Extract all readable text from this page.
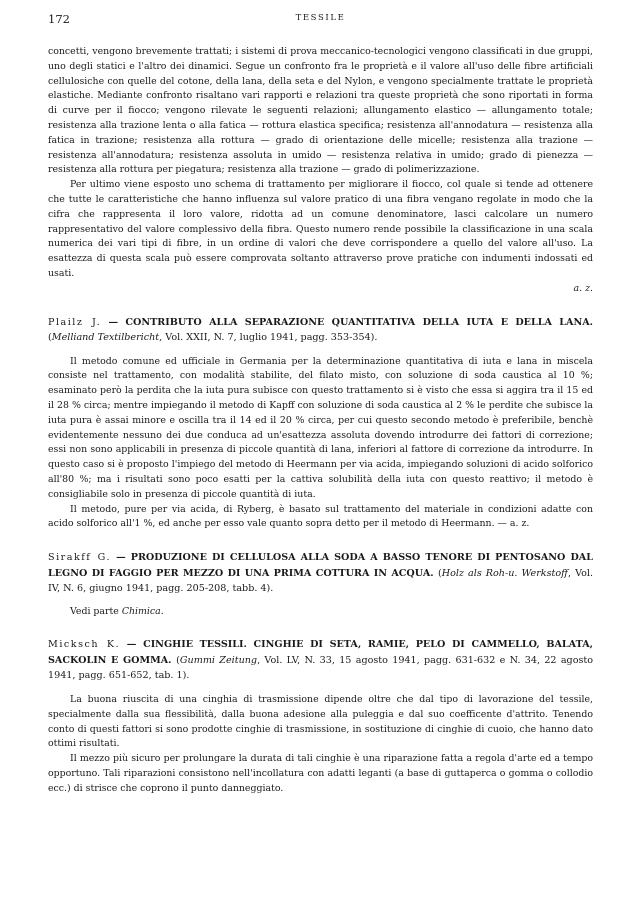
172	TESSILE

concetti, vengono brevemente trattati; i sistemi di prova meccanico-tecnologici vengono classificati in due gruppi, uno degli statici e l'altro dei dinamici. Segue un confronto fra le proprietà e il valore all'uso delle fibre artificiali cellulosiche con quelle del cotone, della lana, della seta e del Nylon, e vengono specialmente trattate le proprietà elastiche. Mediante confronto risaltano vari rapporti e relazioni tra queste proprietà che sono riportati in forma di curve per il fiocco; vengono rilevate le seguenti relazioni; allungamento elastico — allungamento totale; resistenza alla trazione lenta o alla fatica — rottura elastica specifica; resistenza all'annodatura — resistenza alla fatica in trazione; resistenza alla rottura — grado di orientazione delle micelle; resistenza alla trazione — resistenza all'annodatura; resistenza assoluta in umido — resistenza relativa in umido; grado di pienezza — resistenza alla rottura per piegatura; resistenza alla trazione — grado di polimerizzazione.

Per ultimo viene esposto uno schema di trattamento per migliorare il fiocco, col quale si tende ad ottenere che tutte le caratteristiche che hanno influenza sul valore pratico di una fibra vengano regolate in modo che la cifra che rappresenta il loro valore, ridotta ad un comune denominatore, lasci calcolare un numero rappresentativo del valore complessivo della fibra. Questo numero rende possibile la classificazione in una scala numerica dei vari tipi di fibre, in un ordine di valori che deve corrispondere a quello del valore all'uso. La esattezza di questa scala può essere comprovata soltanto attraverso prove pratiche con indumenti indossati ed usati.

a. z.

Plailz J. — CONTRIBUTO ALLA SEPARAZIONE QUANTITATIVA DELLA IUTA E DELLA LANA. (Melliand Textilbericht, Vol. XXII, N. 7, luglio 1941, pagg. 353-354).

Il metodo comune ed ufficiale in Germania per la determinazione quantitativa di iuta e lana in miscela consiste nel trattamento, con modalità stabilite, del filato misto, con soluzione di soda caustica al 10 %; esaminato però la perdita che la iuta pura subisce con questo trattamento si è visto che essa si aggira tra il 15 ed il 28 % circa; mentre impiegando il metodo di Kapff con soluzione di soda caustica al 2 % le perdite che subisce la iuta pura è assai minore e oscilla tra il 14 ed il 20 % circa, per cui questo secondo metodo è preferibile, benchè evidentemente nessuno dei due conduca ad un'esattezza assoluta dovendo introdurre dei fattori di correzione; essi non sono applicabili in presenza di piccole quantità di lana, inferiori al fattore di correzione da introdurre. In questo caso si è proposto l'impiego del metodo di Heermann per via acida, impiegando soluzioni di acido solforico all'80 %; ma i risultati sono poco esatti per la cattiva solubilità della iuta con questo reattivo; il metodo è consigliabile solo in presenza di piccole quantità di iuta.

Il metodo, pure per via acida, di Ryberg, è basato sul trattamento del materiale in condizioni adatte con acido solforico all'1 %, ed anche per esso vale quanto sopra detto per il metodo di Heermann. — a. z.

Sirakff G. — PRODUZIONE DI CELLULOSA ALLA SODA A BASSO TENORE DI PENTOSANO DAL LEGNO DI FAGGIO PER MEZZO DI UNA PRIMA COTTURA IN ACQUA. (Holz als Roh-u. Werkstoff, Vol. IV, N. 6, giugno 1941, pagg. 205-208, tabb. 4).

Vedi parte Chimica.

Micksch K. — CINGHIE TESSILI. CINGHIE DI SETA, RAMIE, PELO DI CAMMELLO, BALATA, SACKOLIN E GOMMA. (Gummi Zeitung, Vol. LV, N. 33, 15 agosto 1941, pagg. 631-632 e N. 34, 22 agosto 1941, pagg. 651-652, tab. 1).

La buona riuscita di una cinghia di trasmissione dipende oltre che dal tipo di lavorazione del tessile, specialmente dalla sua flessibilità, dalla buona adesione alla puleggia e dal suo coefficente d'attrito. Tenendo conto di questi fattori si sono prodotte cinghie di trasmissione, in sostituzione di cinghie di cuoio, che hanno dato ottimi risultati.

Il mezzo più sicuro per prolungare la durata di tali cinghie è una riparazione fatta a regola d'arte ed a tempo opportuno. Tali riparazioni consistono nell'incollatura con adatti leganti (a base di guttaperca o gomma o collodio ecc.) di strisce che coprono il punto danneggiato.
